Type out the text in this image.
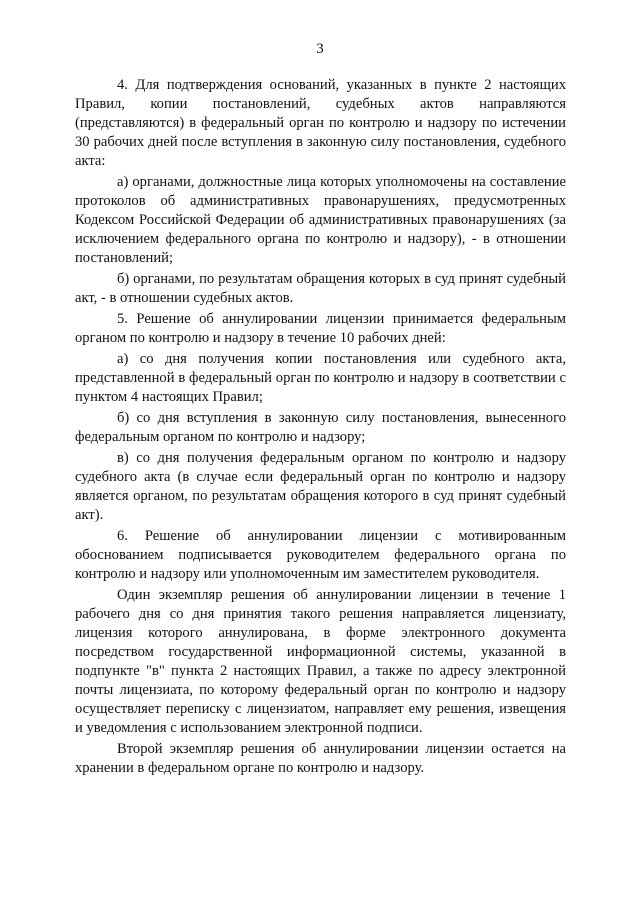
3

4. Для подтверждения оснований, указанных в пункте 2 настоящих Правил, копии постановлений, судебных актов направляются (представляются) в федеральный орган по контролю и надзору по истечении 30 рабочих дней после вступления в законную силу постановления, судебного акта:

а) органами, должностные лица которых уполномочены на составление протоколов об административных правонарушениях, предусмотренных Кодексом Российской Федерации об административных правонарушениях (за исключением федерального органа по контролю и надзору), - в отношении постановлений;

б) органами, по результатам обращения которых в суд принят судебный акт, - в отношении судебных актов.

5. Решение об аннулировании лицензии принимается федеральным органом по контролю и надзору в течение 10 рабочих дней:

а) со дня получения копии постановления или судебного акта, представленной в федеральный орган по контролю и надзору в соответствии с пунктом 4 настоящих Правил;

б) со дня вступления в законную силу постановления, вынесенного федеральным органом по контролю и надзору;

в) со дня получения федеральным органом по контролю и надзору судебного акта (в случае если федеральный орган по контролю и надзору является органом, по результатам обращения которого в суд принят судебный акт).

6. Решение об аннулировании лицензии с мотивированным обоснованием подписывается руководителем федерального органа по контролю и надзору или уполномоченным им заместителем руководителя.

Один экземпляр решения об аннулировании лицензии в течение 1 рабочего дня со дня принятия такого решения направляется лицензиату, лицензия которого аннулирована, в форме электронного документа посредством государственной информационной системы, указанной в подпункте "в" пункта 2 настоящих Правил, а также по адресу электронной почты лицензиата, по которому федеральный орган по контролю и надзору осуществляет переписку с лицензиатом, направляет ему решения, извещения и уведомления с использованием электронной подписи.

Второй экземпляр решения об аннулировании лицензии остается на хранении в федеральном органе по контролю и надзору.
